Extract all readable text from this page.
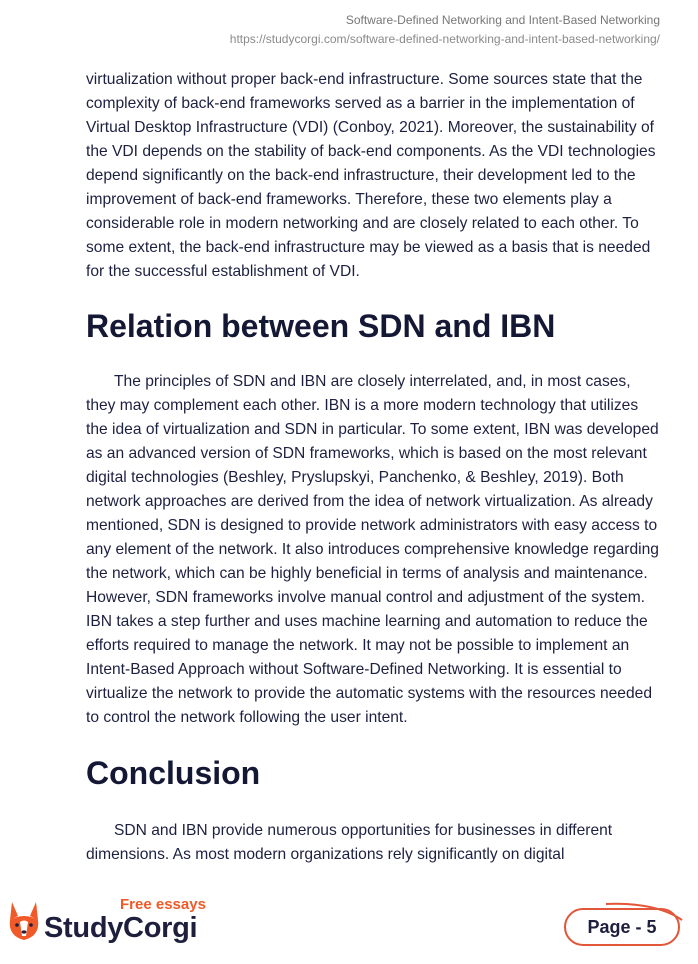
Software-Defined Networking and Intent-Based Networking
https://studycorgi.com/software-defined-networking-and-intent-based-networking/

virtualization without proper back-end infrastructure. Some sources state that the complexity of back-end frameworks served as a barrier in the implementation of Virtual Desktop Infrastructure (VDI) (Conboy, 2021). Moreover, the sustainability of the VDI depends on the stability of back-end components. As the VDI technologies depend significantly on the back-end infrastructure, their development led to the improvement of back-end frameworks. Therefore, these two elements play a considerable role in modern networking and are closely related to each other. To some extent, the back-end infrastructure may be viewed as a basis that is needed for the successful establishment of VDI.

Relation between SDN and IBN

The principles of SDN and IBN are closely interrelated, and, in most cases, they may complement each other. IBN is a more modern technology that utilizes the idea of virtualization and SDN in particular. To some extent, IBN was developed as an advanced version of SDN frameworks, which is based on the most relevant digital technologies (Beshley, Pryslupskyi, Panchenko, & Beshley, 2019). Both network approaches are derived from the idea of network virtualization. As already mentioned, SDN is designed to provide network administrators with easy access to any element of the network. It also introduces comprehensive knowledge regarding the network, which can be highly beneficial in terms of analysis and maintenance. However, SDN frameworks involve manual control and adjustment of the system. IBN takes a step further and uses machine learning and automation to reduce the efforts required to manage the network. It may not be possible to implement an Intent-Based Approach without Software-Defined Networking. It is essential to virtualize the network to provide the automatic systems with the resources needed to control the network following the user intent.

Conclusion

SDN and IBN provide numerous opportunities for businesses in different dimensions. As most modern organizations rely significantly on digital

Free essays
StudyCorgi	Page - 5
